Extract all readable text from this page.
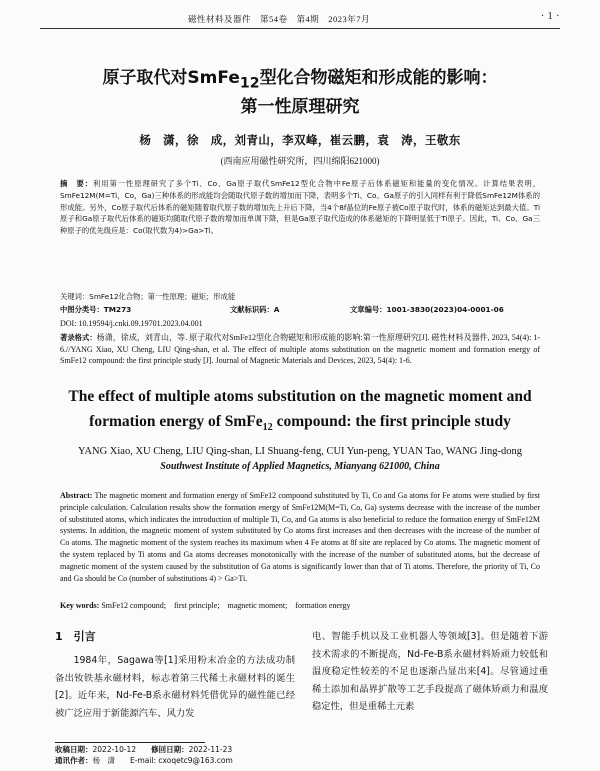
磁性材料及器件　第54卷　第4期　2023年7月	· 1 ·
原子取代对SmFe$_{12}$型化合物磁矩和形成能的影响：
第一性原理研究
杨　潇，徐　成，刘青山，李双峰，崔云鹏，袁　涛，王敬东
(西南应用磁性研究所，四川绵阳621000)
摘　要：利用第一性原理研究了多个Ti、Co、Ga原子取代SmFe12型化合物中Fe原子后体系磁矩和能量的变化情况。计算结果表明，SmFe12M(M=Ti，Co，Ga)三种体系的形成能均会随取代原子数的增加而下降，表明多个Ti、Co、Ga原子的引入同样有利于降低SmFe12M体系的形成能。另外，Co原子取代后体系的磁矩随着取代原子数的增加先上升后下降，当4个8f晶位的Fe原子被Co原子取代时，体系的磁矩达到最大值。Ti原子和Ga原子取代后体系的磁矩均随取代原子数的增加而单调下降，但是Ga原子取代造成的体系磁矩的下降明显低于Ti原子。因此，Ti、Co、Ga三种原子的优先级应是：Co(取代数为4)>Ga>Ti。
关键词：SmFe12化合物；第一性原理；磁矩；形成能
中图分类号：TM273	文献标识码：A	文章编号：1001-3830(2023)04-0001-06
DOI: 10.19594/j.cnki.09.19701.2023.04.001
著录格式：杨潇，徐成，刘青山，等. 原子取代对SmFe12型化合物磁矩和形成能的影响:第一性原理研究[J]. 磁性材料及器件, 2023, 54(4): 1-6.//YANG Xiao, XU Cheng, LIU Qing-shan, et al. The effect of multiple atoms substitution on the magnetic moment and formation energy of SmFe12 compound: the first principle study [J]. Journal of Magnetic Materials and Devices, 2023, 54(4): 1-6.
The effect of multiple atoms substitution on the magnetic moment and
formation energy of SmFe$_{12}$ compound: the first principle study
YANG Xiao, XU Cheng, LIU Qing-shan, LI Shuang-feng, CUI Yun-peng, YUAN Tao, WANG Jing-dong
Southwest Institute of Applied Magnetics, Mianyang 621000, China
Abstract: The magnetic moment and formation energy of SmFe12 compound substituted by Ti, Co and Ga atoms for Fe atoms were studied by first principle calculation. Calculation results show the formation energy of SmFe12M(M=Ti, Co, Ga) systems decrease with the increase of the number of substituted atoms, which indicates the introduction of multiple Ti, Co, and Ga atoms is also beneficial to reduce the formation energy of SmFe12M systems. In addition, the magnetic moment of system substituted by Co atoms first increases and then decreases with the increase of the number of Co atoms. The magnetic moment of the system reaches its maximum when 4 Fe atoms at 8f site are replaced by Co atoms. The magnetic moment of the system replaced by Ti atoms and Ga atoms decreases monotonically with the increase of the number of substituted atoms, but the decrease of magnetic moment of the system caused by the substitution of Ga atoms is significantly lower than that of Ti atoms. Therefore, the priority of Ti, Co and Ga should be Co (number of substitutions 4) > Ga>Ti.
Key words: SmFe12 compound;　first principle;　magnetic moment;　formation energy
1　引言

1984年，Sagawa等[1]采用粉末冶金的方法成功制备出钕铁基永磁材料，标志着第三代稀土永磁材料的诞生[2]。近年来，Nd-Fe-B系永磁材料凭借优异的磁性能已经被广泛应用于新能源汽车、风力发

电、智能手机以及工业机器人等领域[3]。但是随着下游技术需求的不断提高，Nd-Fe-B系永磁材料矫顽力较低和温度稳定性较差的不足也逐渐凸显出来[4]。尽管通过重稀土添加和晶界扩散等工艺手段提高了磁体矫顽力和温度稳定性，但是重稀土元素

收稿日期：2022-10-12　　 修回日期：2022-11-23
通讯作者：杨　潇　　 E-mail: cxoqetc9@163.com
